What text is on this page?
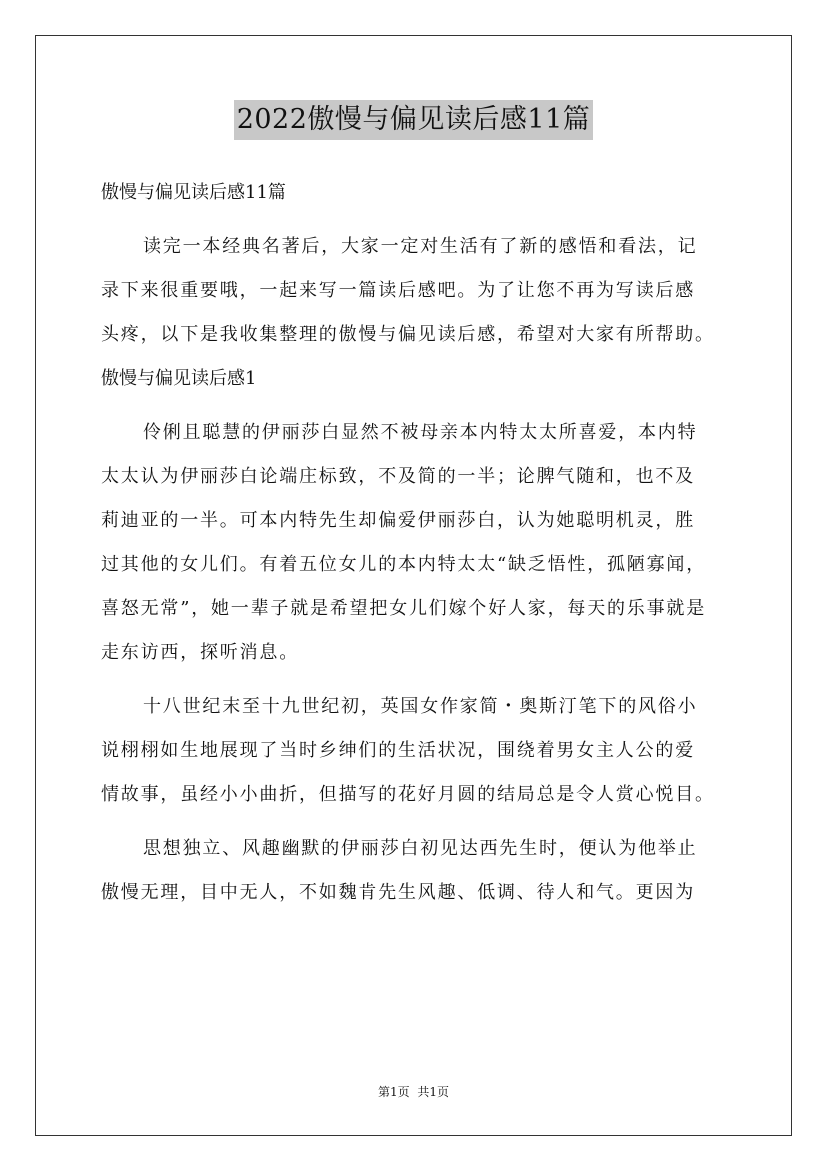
2022傲慢与偏见读后感11篇
傲慢与偏见读后感11篇
读完一本经典名著后，大家一定对生活有了新的感悟和看法，记
录下来很重要哦，一起来写一篇读后感吧。为了让您不再为写读后感
头疼，以下是我收集整理的傲慢与偏见读后感，希望对大家有所帮助。
傲慢与偏见读后感1
伶俐且聪慧的伊丽莎白显然不被母亲本内特太太所喜爱，本内特
太太认为伊丽莎白论端庄标致，不及简的一半；论脾气随和，也不及
莉迪亚的一半。可本内特先生却偏爱伊丽莎白，认为她聪明机灵，胜
过其他的女儿们。有着五位女儿的本内特太太“缺乏悟性，孤陋寡闻，
喜怒无常”，她一辈子就是希望把女儿们嫁个好人家，每天的乐事就是
走东访西，探听消息。
十八世纪末至十九世纪初，英国女作家简・奥斯汀笔下的风俗小
说栩栩如生地展现了当时乡绅们的生活状况，围绕着男女主人公的爱
情故事，虽经小小曲折，但描写的花好月圆的结局总是令人赏心悦目。
思想独立、风趣幽默的伊丽莎白初见达西先生时，便认为他举止
傲慢无理，目中无人，不如魏肯先生风趣、低调、待人和气。更因为
第1页 共1页
